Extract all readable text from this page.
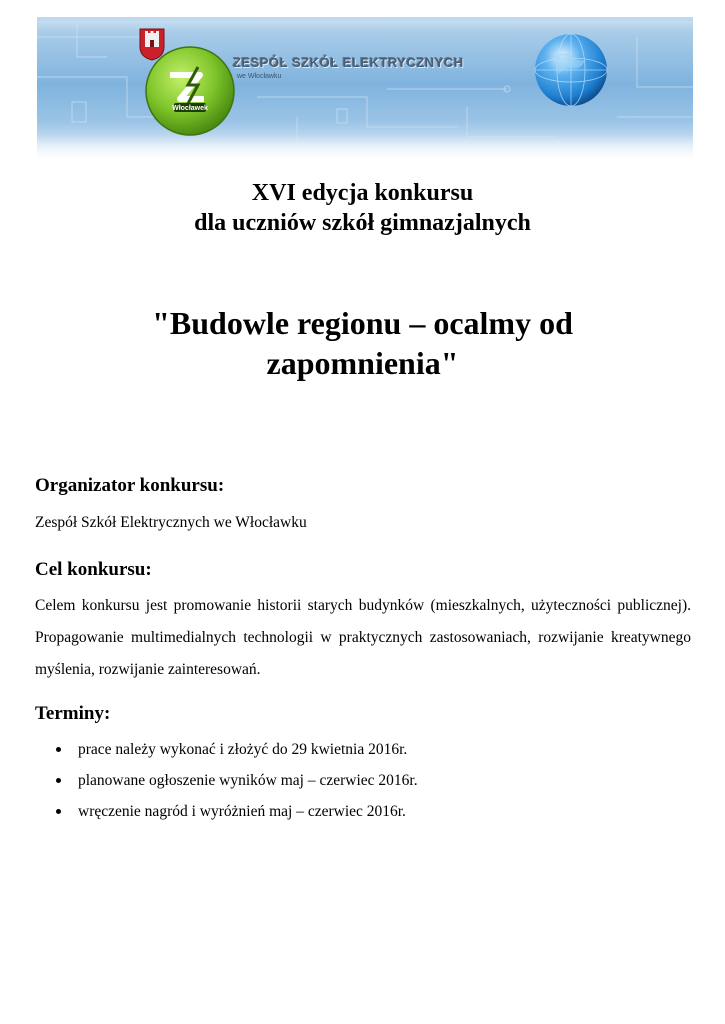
Włocławek
ZESPÓŁ SZKÓŁ ELEKTRYCZNYCH
we Włocławku
XVI edycja konkursu
dla uczniów szkół gimnazjalnych
"Budowle regionu – ocalmy od
zapomnienia"
Organizator konkursu:

Zespół Szkół Elektrycznych we Włocławku

Cel konkursu:

Celem konkursu jest promowanie historii starych budynków (mieszkalnych, użyteczności publicznej). Propagowanie multimedialnych technologii w praktycznych zastosowaniach, rozwijanie kreatywnego myślenia, rozwijanie zainteresowań.

Terminy:
prace należy wykonać i złożyć do 29 kwietnia 2016r.
planowane ogłoszenie wyników maj – czerwiec 2016r.
wręczenie nagród i wyróżnień maj – czerwiec 2016r.
